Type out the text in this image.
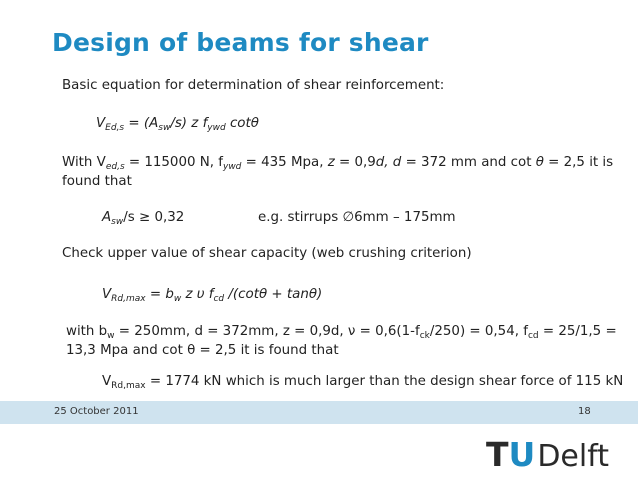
Design of beams for shear
Basic equation for determination of shear reinforcement:
$V_{Ed,s} = (A_{sw}/s)$ z $f_{ywd}$ cotθ
With $V_{ed,s} = 115000$ N, $f_{ywd} = 435$ Mpa, z = 0,9d, d = 372 mm and cot θ = 2,5 it is
found that
$A_{sw}/s \ge 0,32$	e.g. stirrups ∅6mm – 175mm
Check upper value of shear capacity (web crushing criterion)
$V_{Rd,max} = b_w$ z υ $f_{cd}$ /(cotθ + tanθ)
with $b_w = 250mm$, d = 372mm, z = 0,9d, $\nu = 0,6(1-f_{ck}/250) = 0,54$, $f_{cd} = 25/1,5$ =
13,3 Mpa and cot θ = 2,5 it is found that
$V_{Rd,max} = 1774$ kN which is much larger than the design shear force of 115 kN
25 October 2011	18
TUDelft
